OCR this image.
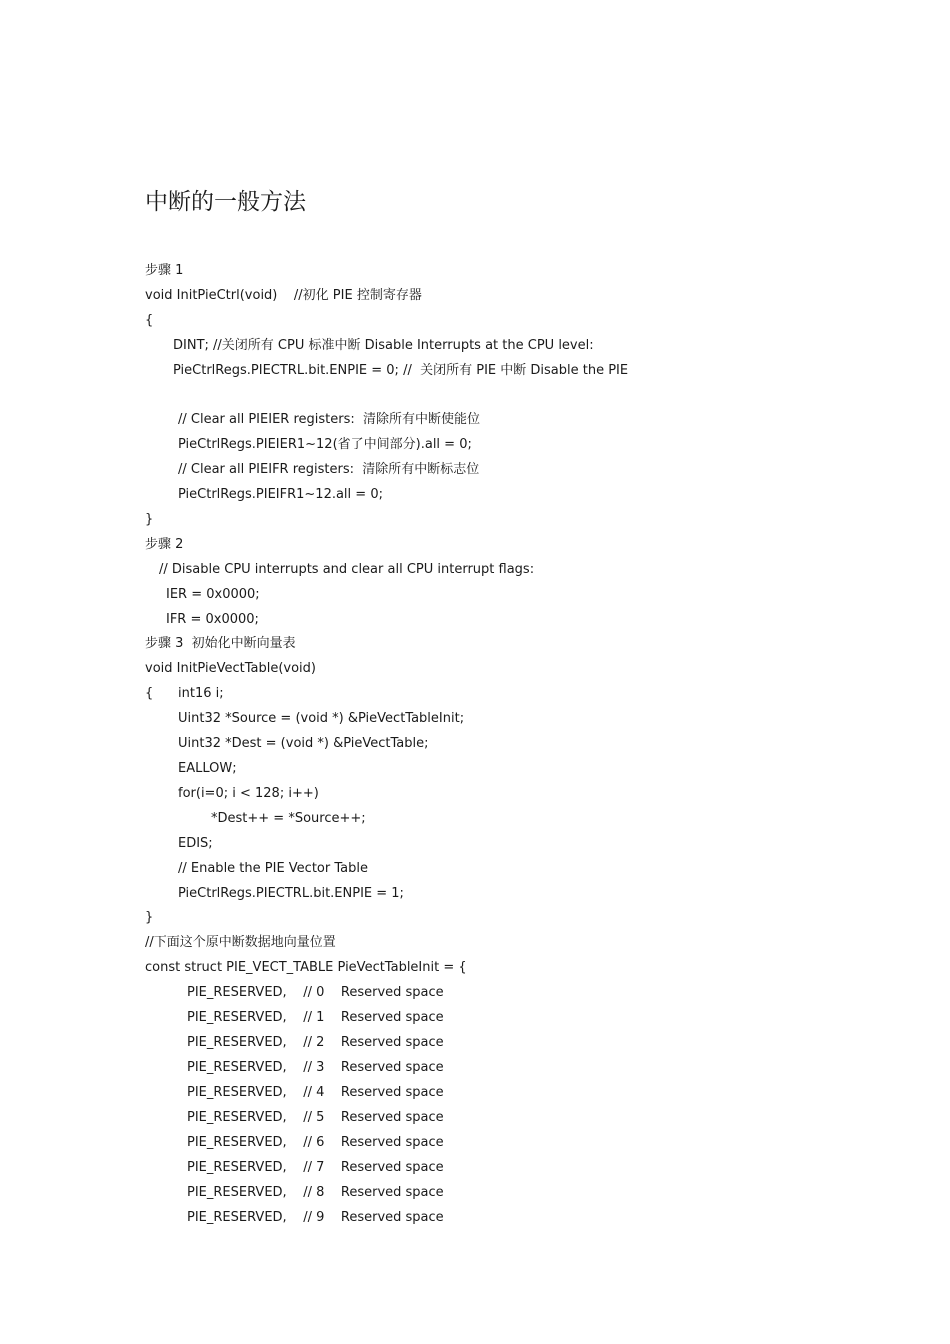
中断的一般方法
步骤 1
void InitPieCtrl(void)    //初化 PIE 控制寄存器
{
DINT; //关闭所有 CPU 标准中断 Disable Interrupts at the CPU level:
PieCtrlRegs.PIECTRL.bit.ENPIE = 0; //  关闭所有 PIE 中断 Disable the PIE
// Clear all PIEIER registers:  清除所有中断使能位
PieCtrlRegs.PIEIER1~12(省了中间部分).all = 0;
// Clear all PIEIFR registers:  清除所有中断标志位
PieCtrlRegs.PIEIFR1~12.all = 0;
}
步骤 2
// Disable CPU interrupts and clear all CPU interrupt flags:
IER = 0x0000;
IFR = 0x0000;
步骤 3  初始化中断向量表
void InitPieVectTable(void)
{ int16 i;
Uint32 *Source = (void *) &PieVectTableInit;
Uint32 *Dest = (void *) &PieVectTable;
EALLOW;
for(i=0; i < 128; i++)
*Dest++ = *Source++;
EDIS;
// Enable the PIE Vector Table
PieCtrlRegs.PIECTRL.bit.ENPIE = 1;
}
//下面这个原中断数据地向量位置
const struct PIE_VECT_TABLE PieVectTableInit = {
PIE_RESERVED,    // 0    Reserved space
PIE_RESERVED,    // 1    Reserved space
PIE_RESERVED,    // 2    Reserved space
PIE_RESERVED,    // 3    Reserved space
PIE_RESERVED,    // 4    Reserved space
PIE_RESERVED,    // 5    Reserved space
PIE_RESERVED,    // 6    Reserved space
PIE_RESERVED,    // 7    Reserved space
PIE_RESERVED,    // 8    Reserved space
PIE_RESERVED,    // 9    Reserved space
